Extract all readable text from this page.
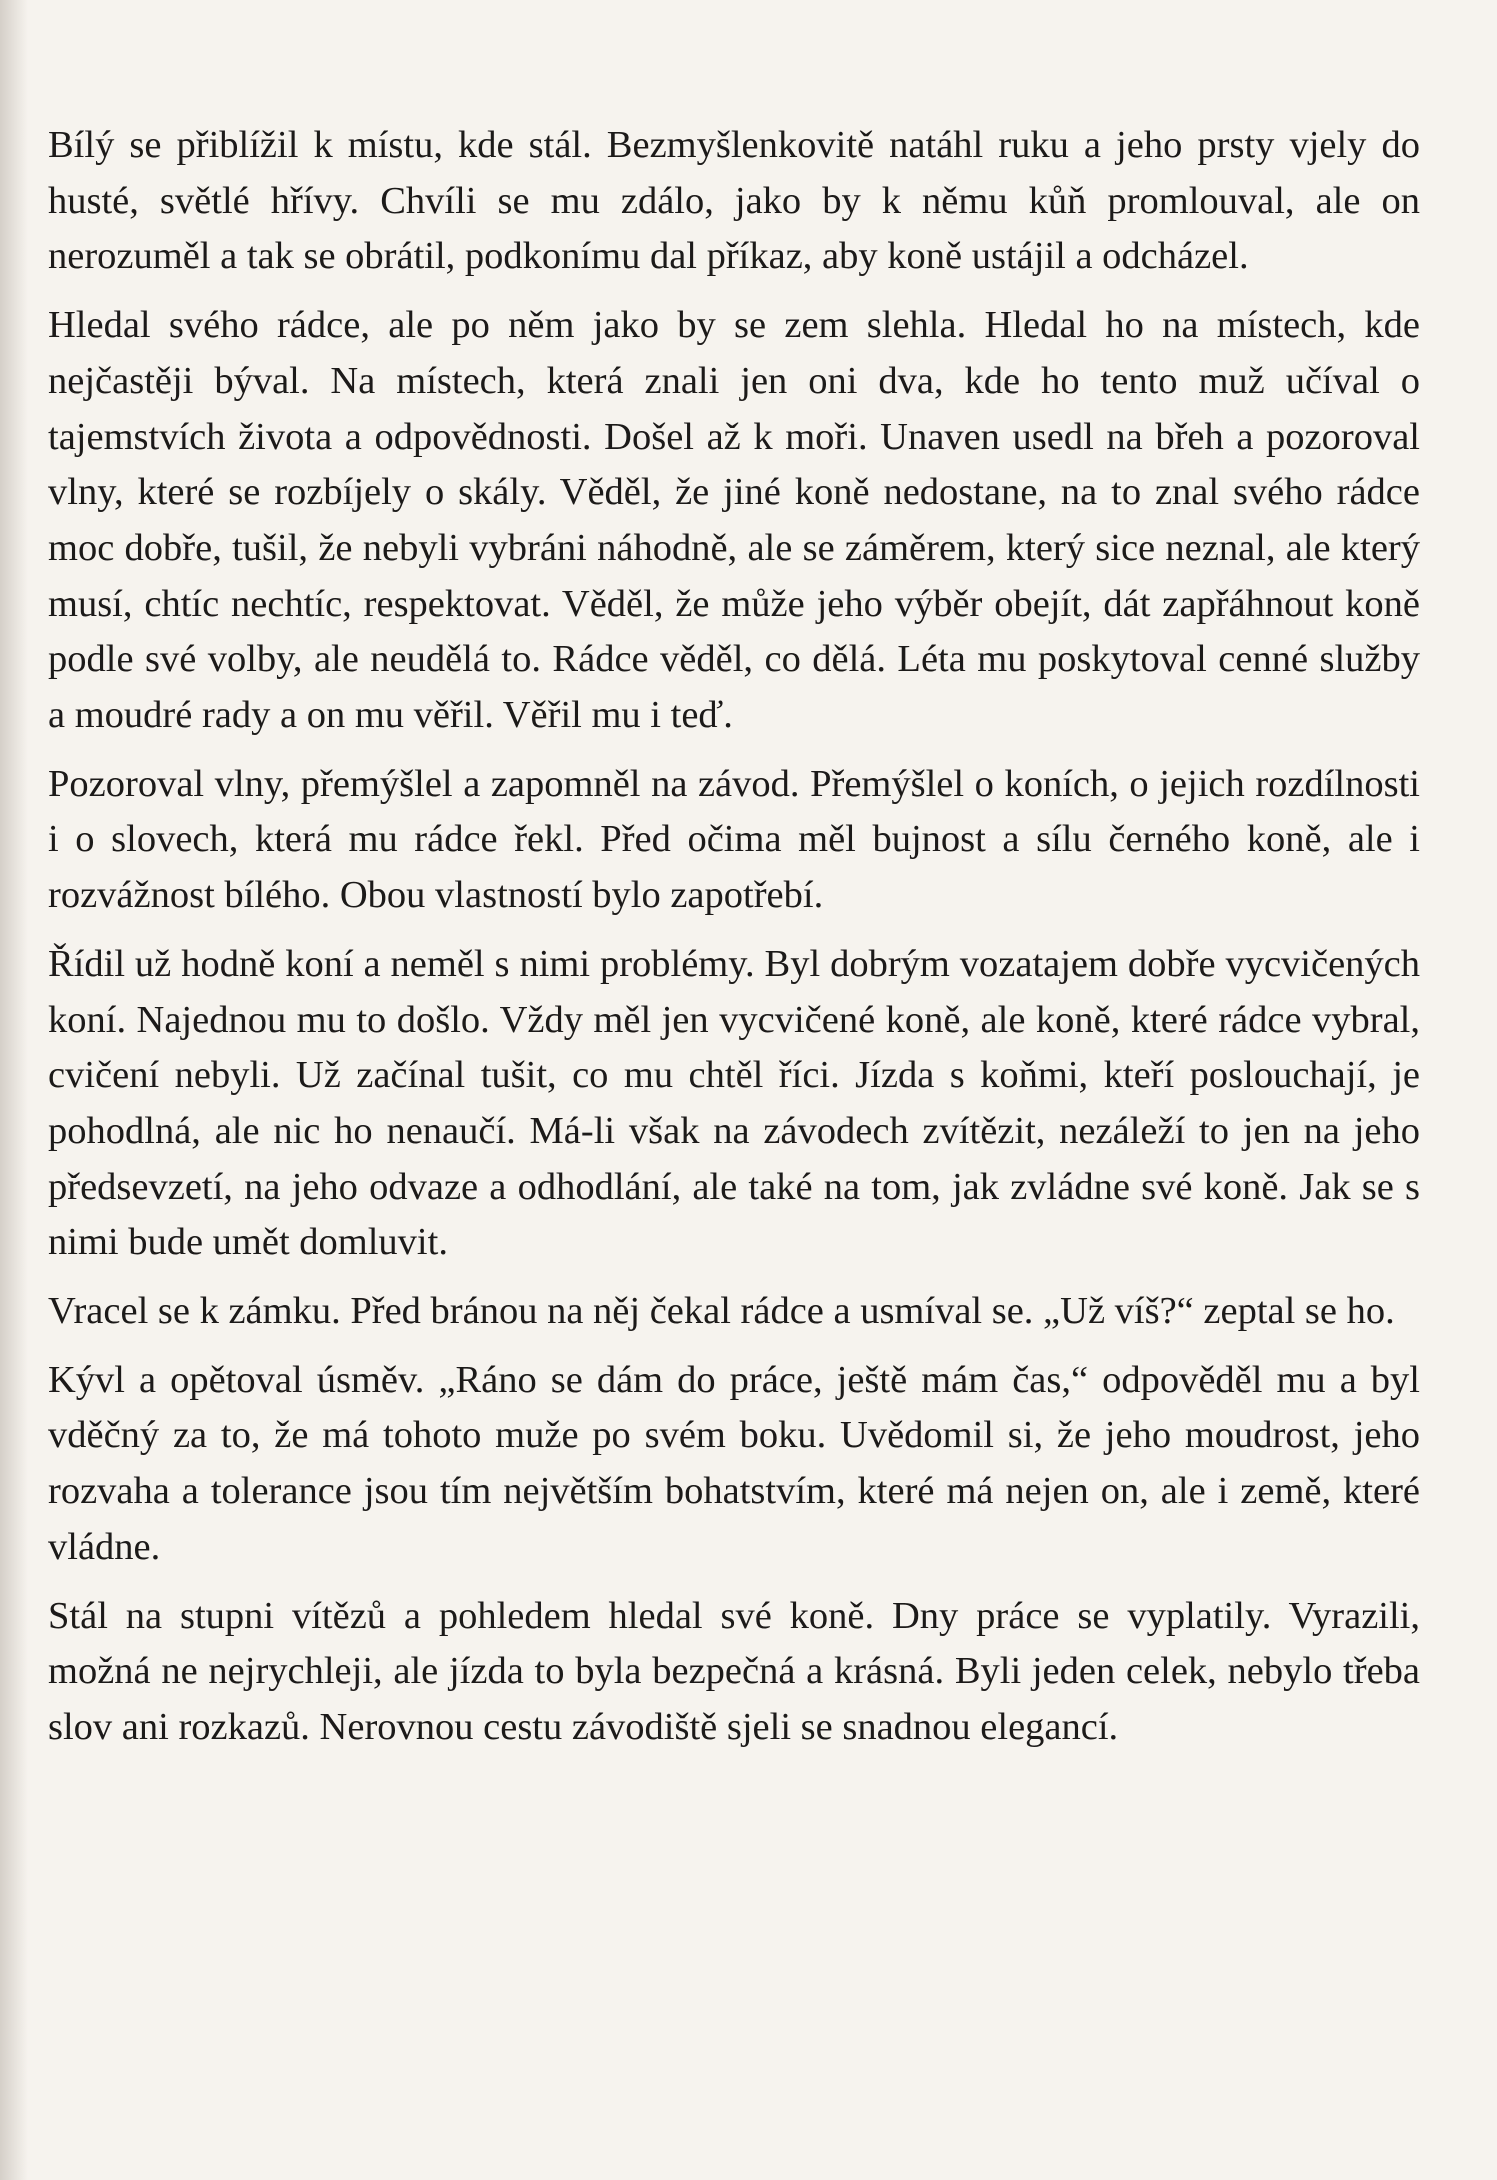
Bílý se přiblížil k místu, kde stál. Bezmyšlenkovitě natáhl ruku a jeho prsty vjely do husté, světlé hřívy. Chvíli se mu zdálo, jako by k němu kůň promlouval, ale on nerozuměl a tak se obrátil, podkonímu dal příkaz, aby koně ustájil a odcházel.

Hledal svého rádce, ale po něm jako by se zem slehla. Hledal ho na místech, kde nejčastěji býval. Na místech, která znali jen oni dva, kde ho tento muž učíval o tajemstvích života a odpovědnosti. Došel až k moři. Unaven usedl na břeh a pozoroval vlny, které se rozbíjely o skály. Věděl, že jiné koně nedostane, na to znal svého rádce moc dobře, tušil, že nebyli vybráni náhodně, ale se záměrem, který sice neznal, ale který musí, chtíc nechtíc, respektovat. Věděl, že může jeho výběr obejít, dát zapřáhnout koně podle své volby, ale neudělá to. Rádce věděl, co dělá. Léta mu poskytoval cenné služby a moudré rady a on mu věřil. Věřil mu i teď.

Pozoroval vlny, přemýšlel a zapomněl na závod. Přemýšlel o koních, o jejich rozdílnosti i o slovech, která mu rádce řekl. Před očima měl bujnost a sílu černého koně, ale i rozvážnost bílého. Obou vlastností bylo zapotřebí.

Řídil už hodně koní a neměl s nimi problémy. Byl dobrým vozatajem dobře vycvičených koní. Najednou mu to došlo. Vždy měl jen vycvičené koně, ale koně, které rádce vybral, cvičení nebyli. Už začínal tušit, co mu chtěl říci. Jízda s koňmi, kteří poslouchají, je pohodlná, ale nic ho nenaučí. Má-li však na závodech zvítězit, nezáleží to jen na jeho předsevzetí, na jeho odvaze a odhodlání, ale také na tom, jak zvládne své koně. Jak se s nimi bude umět domluvit.

Vracel se k zámku. Před bránou na něj čekal rádce a usmíval se. „Už víš?“ zeptal se ho.

Kývl a opětoval úsměv. „Ráno se dám do práce, ještě mám čas,“ odpověděl mu a byl vděčný za to, že má tohoto muže po svém boku. Uvědomil si, že jeho moudrost, jeho rozvaha a tolerance jsou tím největším bohatstvím, které má nejen on, ale i země, které vládne.

Stál na stupni vítězů a pohledem hledal své koně. Dny práce se vyplatily. Vyrazili, možná ne nejrychleji, ale jízda to byla bezpečná a krásná. Byli jeden celek, nebylo třeba slov ani rozkazů. Nerovnou cestu závodiště sjeli se snadnou elegancí.
